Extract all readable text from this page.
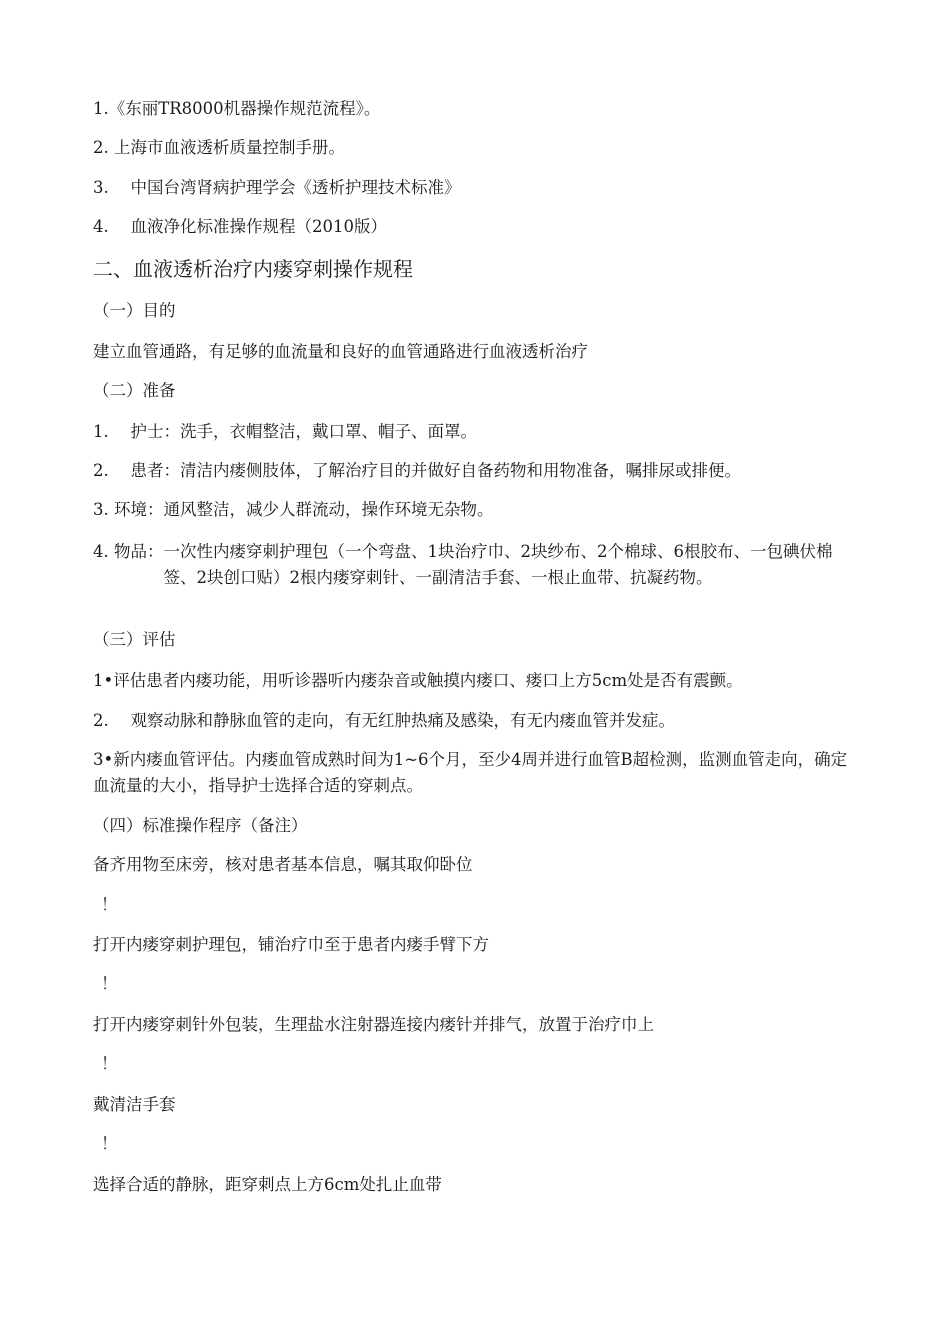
1.《东丽TR8000机器操作规范流程》。
2. 上海市血液透析质量控制手册。
3.　 中国台湾肾病护理学会《透析护理技术标准》
4.　 血液净化标准操作规程（2010版）
二、血液透析治疗内瘘穿刺操作规程
（一）目的
建立血管通路，有足够的血流量和良好的血管通路进行血液透析治疗
（二）准备
1.　 护士：洗手，衣帽整洁，戴口罩、帽子、面罩。
2.　 患者：清洁内瘘侧肢体，了解治疗目的并做好自备药物和用物准备，嘱排尿或排便。
3. 环境：通风整洁，减少人群流动，操作环境无杂物。
4. 物品： 一次性内瘘穿刺护理包（一个弯盘、1块治疗巾、2块纱布、2个棉球、6根胶布、一包碘伏棉签、2块创口贴）2根内瘘穿刺针、一副清洁手套、一根止血带、抗凝药物。
（三）评估
1•评估患者内瘘功能，用听诊器听内瘘杂音或触摸内瘘口、瘘口上方5cm处是否有震颤。
2.　 观察动脉和静脉血管的走向，有无红肿热痛及感染，有无内瘘血管并发症。
3•新内瘘血管评估。内瘘血管成熟时间为1~6个月，至少4周并进行血管B超检测，监测血管走向，确定血流量的大小，指导护士选择合适的穿刺点。
（四）标准操作程序（备注）
备齐用物至床旁，核对患者基本信息，嘱其取仰卧位
！
打开内瘘穿刺护理包，铺治疗巾至于患者内瘘手臂下方
！
打开内瘘穿刺针外包装，生理盐水注射器连接内瘘针并排气，放置于治疗巾上
！
戴清洁手套
！
选择合适的静脉，距穿刺点上方6cm处扎止血带
